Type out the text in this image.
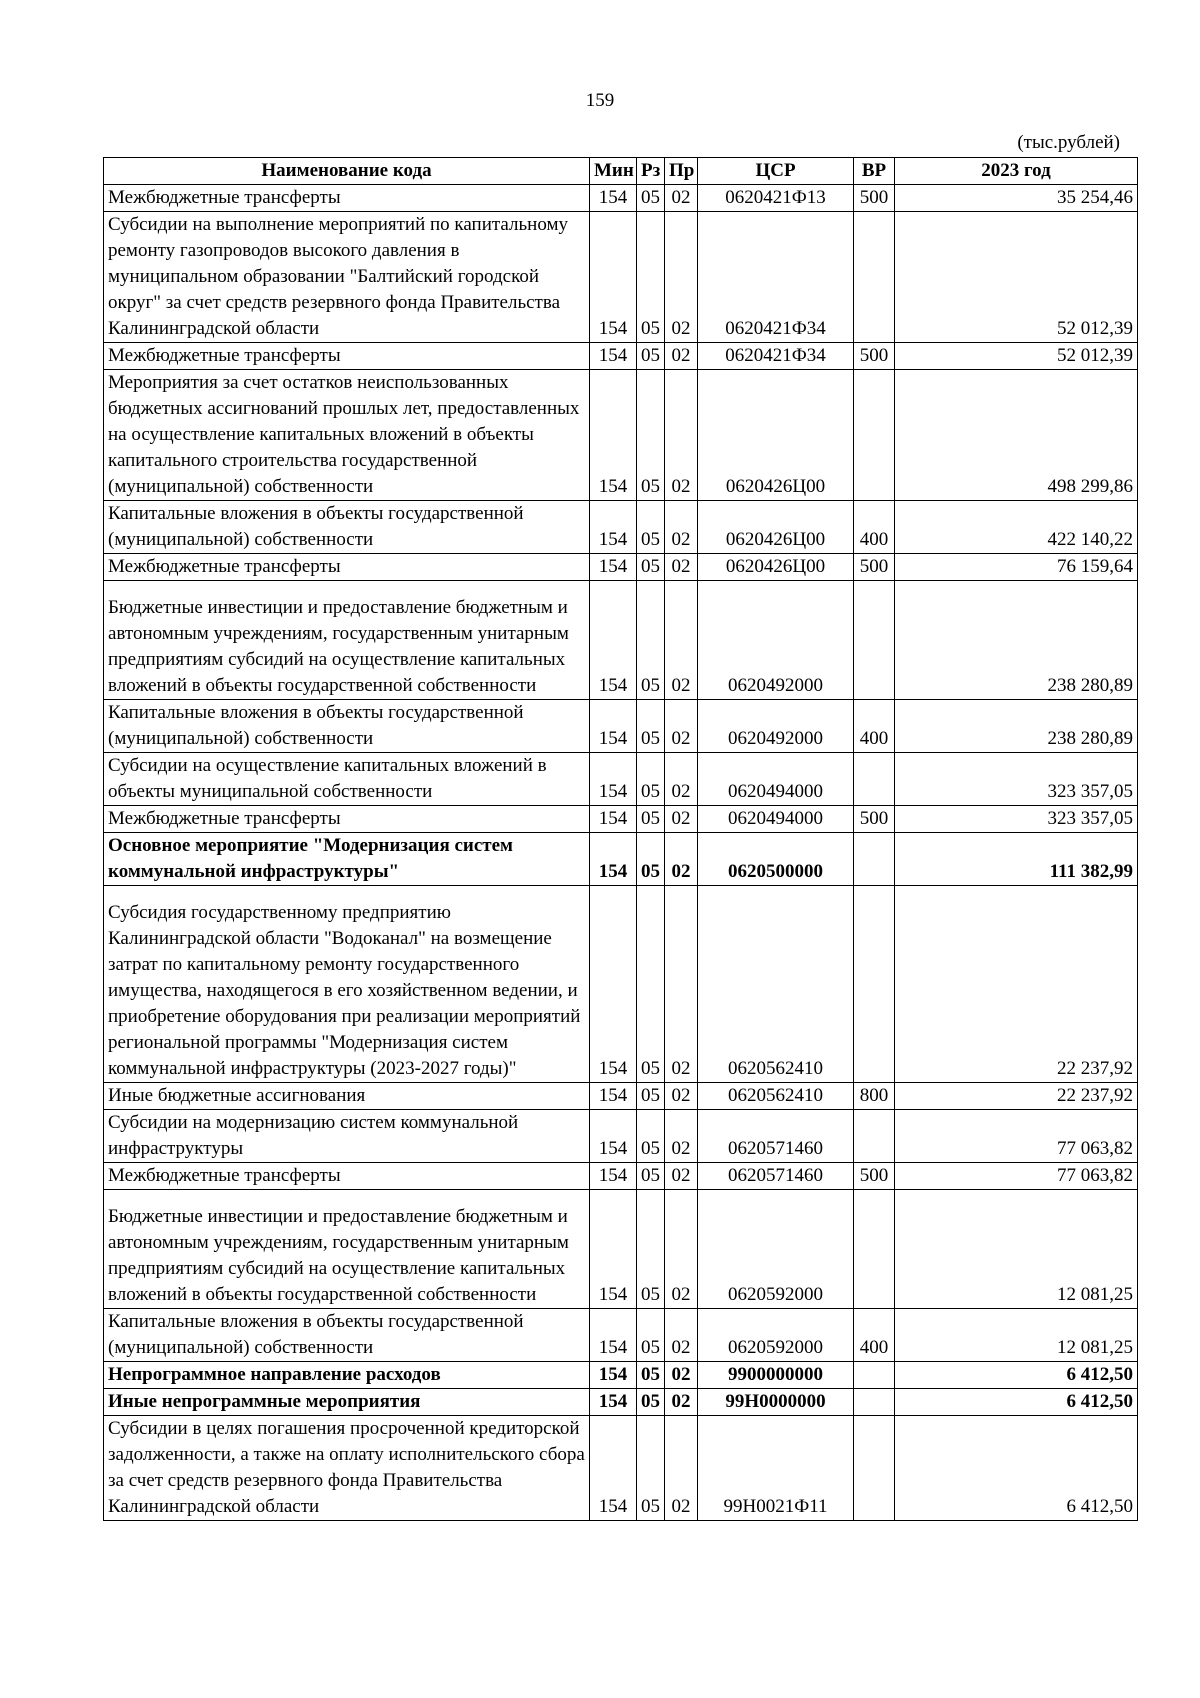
159
(тыс.рублей)
Наименование кода	Мин	Рз	Пр	ЦСР	ВР	2023 год
Межбюджетные трансферты	154	05	02	0620421Ф13	500	35 254,46
Субсидии на выполнение мероприятий по капитальному ремонту газопроводов высокого давления в муниципальном образовании "Балтийский городской округ" за счет средств резервного фонда Правительства Калининградской области	154	05	02	0620421Ф34		52 012,39
Межбюджетные трансферты	154	05	02	0620421Ф34	500	52 012,39
Мероприятия за счет остатков неиспользованных бюджетных ассигнований прошлых лет, предоставленных на осуществление капитальных вложений в объекты капитального строительства государственной (муниципальной) собственности	154	05	02	0620426Ц00		498 299,86
Капитальные вложения в объекты государственной (муниципальной) собственности	154	05	02	0620426Ц00	400	422 140,22
Межбюджетные трансферты	154	05	02	0620426Ц00	500	76 159,64
Бюджетные инвестиции и предоставление бюджетным и автономным учреждениям, государственным унитарным предприятиям субсидий на осуществление капитальных вложений в объекты государственной собственности	154	05	02	0620492000		238 280,89
Капитальные вложения в объекты государственной (муниципальной) собственности	154	05	02	0620492000	400	238 280,89
Субсидии на осуществление капитальных вложений в объекты муниципальной собственности	154	05	02	0620494000		323 357,05
Межбюджетные трансферты	154	05	02	0620494000	500	323 357,05
Основное мероприятие "Модернизация систем коммунальной инфраструктуры"	154	05	02	0620500000		111 382,99
Субсидия государственному предприятию Калининградской области "Водоканал" на возмещение затрат по капитальному ремонту государственного имущества, находящегося в его хозяйственном ведении, и приобретение оборудования при реализации мероприятий региональной программы "Модернизация систем коммунальной инфраструктуры (2023-2027 годы)"	154	05	02	0620562410		22 237,92
Иные бюджетные ассигнования	154	05	02	0620562410	800	22 237,92
Субсидии на модернизацию систем коммунальной инфраструктуры	154	05	02	0620571460		77 063,82
Межбюджетные трансферты	154	05	02	0620571460	500	77 063,82
Бюджетные инвестиции и предоставление бюджетным и автономным учреждениям, государственным унитарным предприятиям субсидий на осуществление капитальных вложений в объекты государственной собственности	154	05	02	0620592000		12 081,25
Капитальные вложения в объекты государственной (муниципальной) собственности	154	05	02	0620592000	400	12 081,25
Непрограммное направление расходов	154	05	02	9900000000		6 412,50
Иные непрограммные мероприятия	154	05	02	99Н0000000		6 412,50
Субсидии в целях погашения просроченной кредиторской задолженности, а также на оплату исполнительского сбора за счет средств резервного фонда Правительства Калининградской области	154	05	02	99Н0021Ф11		6 412,50
